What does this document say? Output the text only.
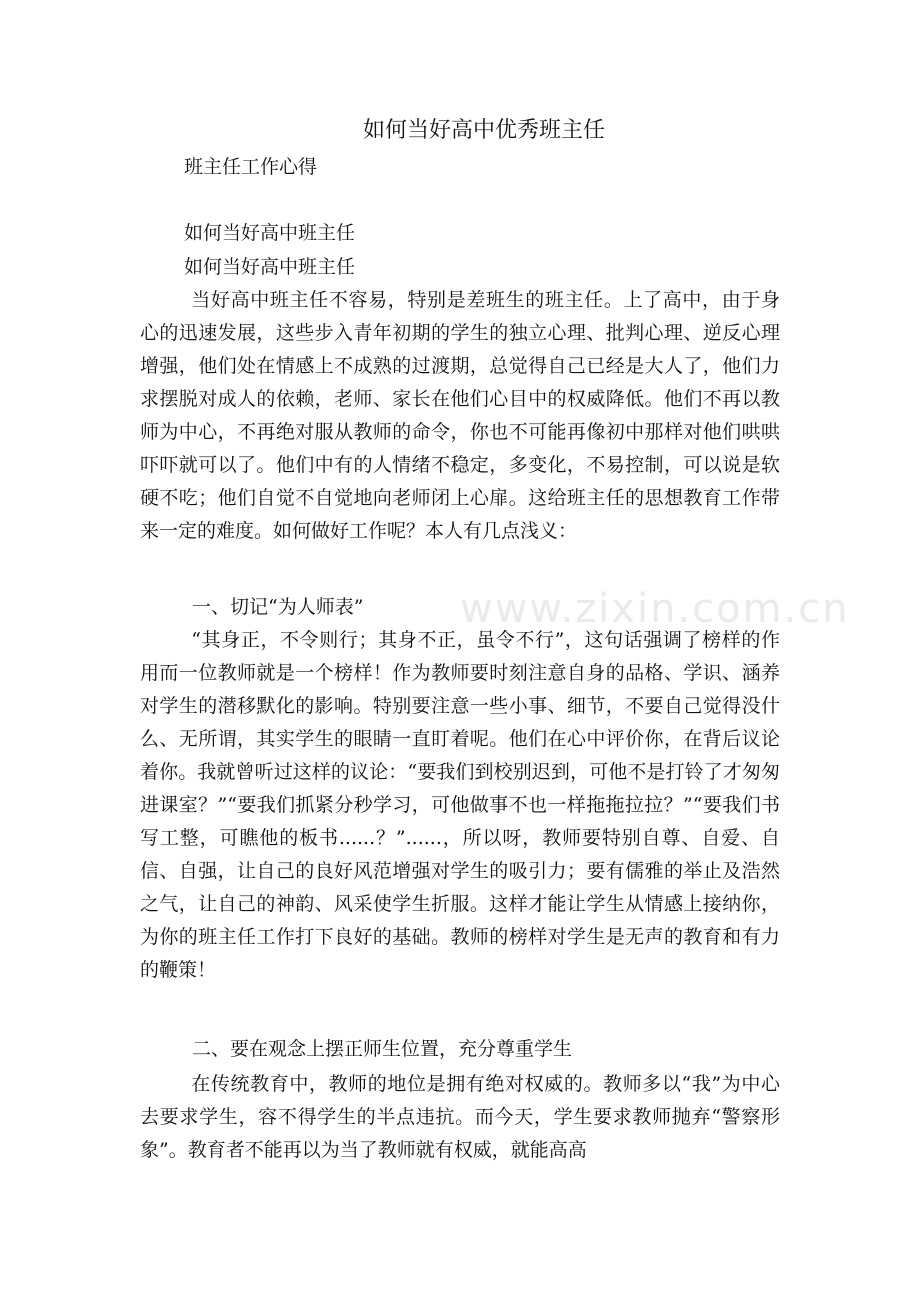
如何当好高中优秀班主任

班主任工作心得

如何当好高中班主任

如何当好高中班主任

当好高中班主任不容易，特别是差班生的班主任。上了高中，由于身心的迅速发展，这些步入青年初期的学生的独立心理、批判心理、逆反心理增强，他们处在情感上不成熟的过渡期，总觉得自己已经是大人了，他们力求摆脱对成人的依赖，老师、家长在他们心目中的权威降低。他们不再以教师为中心，不再绝对服从教师的命令，你也不可能再像初中那样对他们哄哄吓吓就可以了。他们中有的人情绪不稳定，多变化，不易控制，可以说是软硬不吃；他们自觉不自觉地向老师闭上心扉。这给班主任的思想教育工作带来一定的难度。如何做好工作呢？本人有几点浅义：

一、切记“为人师表”

“其身正，不令则行；其身不正，虽令不行”，这句话强调了榜样的作用而一位教师就是一个榜样！作为教师要时刻注意自身的品格、学识、涵养对学生的潜移默化的影响。特别要注意一些小事、细节，不要自己觉得没什么、无所谓，其实学生的眼睛一直盯着呢。他们在心中评价你，在背后议论着你。我就曾听过这样的议论：“要我们到校别迟到，可他不是打铃了才匆匆进课室？”“要我们抓紧分秒学习，可他做事不也一样拖拖拉拉？”“要我们书写工整，可瞧他的板书......？”......，所以呀，教师要特别自尊、自爱、自信、自强，让自己的良好风范增强对学生的吸引力；要有儒雅的举止及浩然之气，让自己的神韵、风采使学生折服。这样才能让学生从情感上接纳你，为你的班主任工作打下良好的基础。教师的榜样对学生是无声的教育和有力的鞭策！

二、要在观念上摆正师生位置，充分尊重学生

在传统教育中，教师的地位是拥有绝对权威的。教师多以“我”为中心去要求学生，容不得学生的半点违抗。而今天，学生要求教师抛弃“警察形象”。教育者不能再以为当了教师就有权威，就能高高

www.zixin.com.cn
